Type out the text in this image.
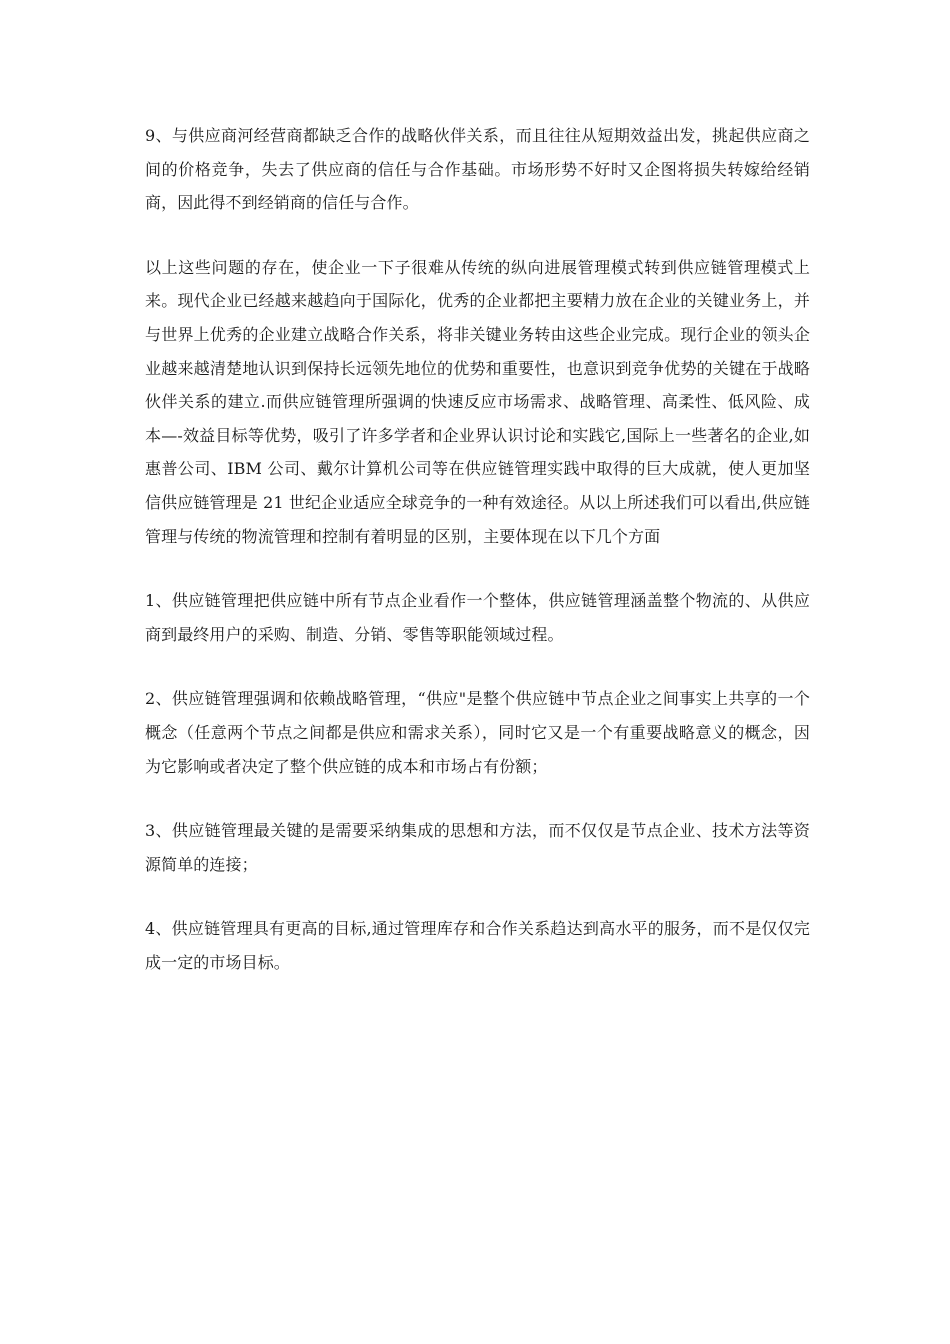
9、与供应商河经营商都缺乏合作的战略伙伴关系，而且往往从短期效益出发，挑起供应商之间的价格竞争，失去了供应商的信任与合作基础。市场形势不好时又企图将损失转嫁给经销商，因此得不到经销商的信任与合作。

以上这些问题的存在，使企业一下子很难从传统的纵向进展管理模式转到供应链管理模式上来。现代企业已经越来越趋向于国际化，优秀的企业都把主要精力放在企业的关键业务上，并与世界上优秀的企业建立战略合作关系，将非关键业务转由这些企业完成。现行企业的领头企业越来越清楚地认识到保持长远领先地位的优势和重要性，也意识到竞争优势的关键在于战略伙伴关系的建立.而供应链管理所强调的快速反应市场需求、战略管理、高柔性、低风险、成本—-效益目标等优势，吸引了许多学者和企业界认识讨论和实践它,国际上一些著名的企业,如惠普公司、IBM 公司、戴尔计算机公司等在供应链管理实践中取得的巨大成就，使人更加坚信供应链管理是 21 世纪企业适应全球竞争的一种有效途径。从以上所述我们可以看出,供应链管理与传统的物流管理和控制有着明显的区别，主要体现在以下几个方面

1、供应链管理把供应链中所有节点企业看作一个整体，供应链管理涵盖整个物流的、从供应商到最终用户的采购、制造、分销、零售等职能领域过程。

2、供应链管理强调和依赖战略管理，“供应"是整个供应链中节点企业之间事实上共享的一个概念（任意两个节点之间都是供应和需求关系），同时它又是一个有重要战略意义的概念，因为它影响或者决定了整个供应链的成本和市场占有份额；

3、供应链管理最关键的是需要采纳集成的思想和方法，而不仅仅是节点企业、技术方法等资源简单的连接；

4、供应链管理具有更高的目标,通过管理库存和合作关系趋达到高水平的服务，而不是仅仅完成一定的市场目标。
